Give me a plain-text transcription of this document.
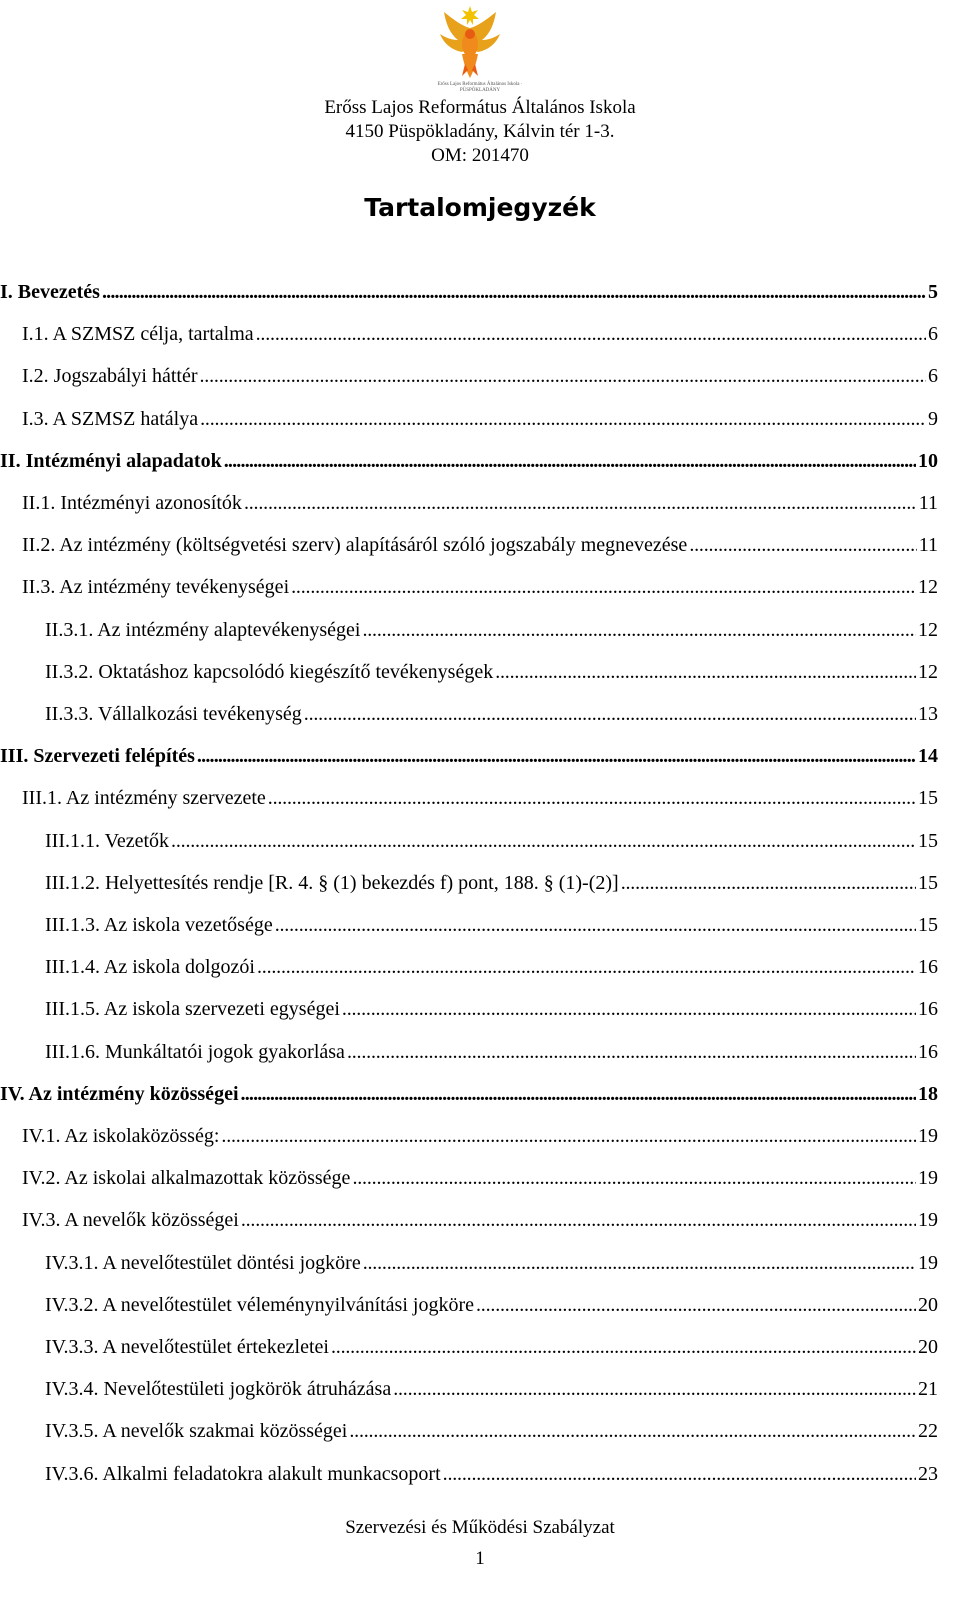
Erőss Lajos Református Általános Iskola · PÜSPÖKLADÁNY
Erőss Lajos Református Általános Iskola
4150 Püspökladány, Kálvin tér 1-3.
OM: 201470
Tartalomjegyzék
I. Bevezetés . . .	5
I.1. A SZMSZ célja, tartalma . . .	6
I.2. Jogszabályi háttér . . .	6
I.3. A SZMSZ hatálya . . .	9
II. Intézményi alapadatok . . .	10
II.1. Intézményi azonosítók . . .	11
II.2. Az intézmény (költségvetési szerv) alapításáról szóló jogszabály megnevezése . . .	11
II.3. Az intézmény tevékenységei . . .	12
II.3.1. Az intézmény alaptevékenységei . . .	12
II.3.2. Oktatáshoz kapcsolódó kiegészítő tevékenységek . . .	12
II.3.3. Vállalkozási tevékenység . . .	13
III. Szervezeti felépítés . . .	14
III.1. Az intézmény szervezete . . .	15
III.1.1. Vezetők . . .	15
III.1.2. Helyettesítés rendje [R. 4. § (1) bekezdés f) pont, 188. § (1)-(2)] . . .	15
III.1.3. Az iskola vezetősége . . .	15
III.1.4. Az iskola dolgozói . . .	16
III.1.5. Az iskola szervezeti egységei . . .	16
III.1.6. Munkáltatói jogok gyakorlása . . .	16
IV. Az intézmény közösségei . . .	18
IV.1. Az iskolaközösség: . . .	19
IV.2. Az iskolai alkalmazottak közössége . . .	19
IV.3. A nevelők közösségei . . .	19
IV.3.1. A nevelőtestület döntési jogköre . . .	19
IV.3.2. A nevelőtestület véleménynyilvánítási jogköre . . .	20
IV.3.3. A nevelőtestület értekezletei . . .	20
IV.3.4. Nevelőtestületi jogkörök átruházása . . .	21
IV.3.5. A nevelők szakmai közösségei . . .	22
IV.3.6. Alkalmi feladatokra alakult munkacsoport . . .	23
Szervezési és Működési Szabályzat
1
